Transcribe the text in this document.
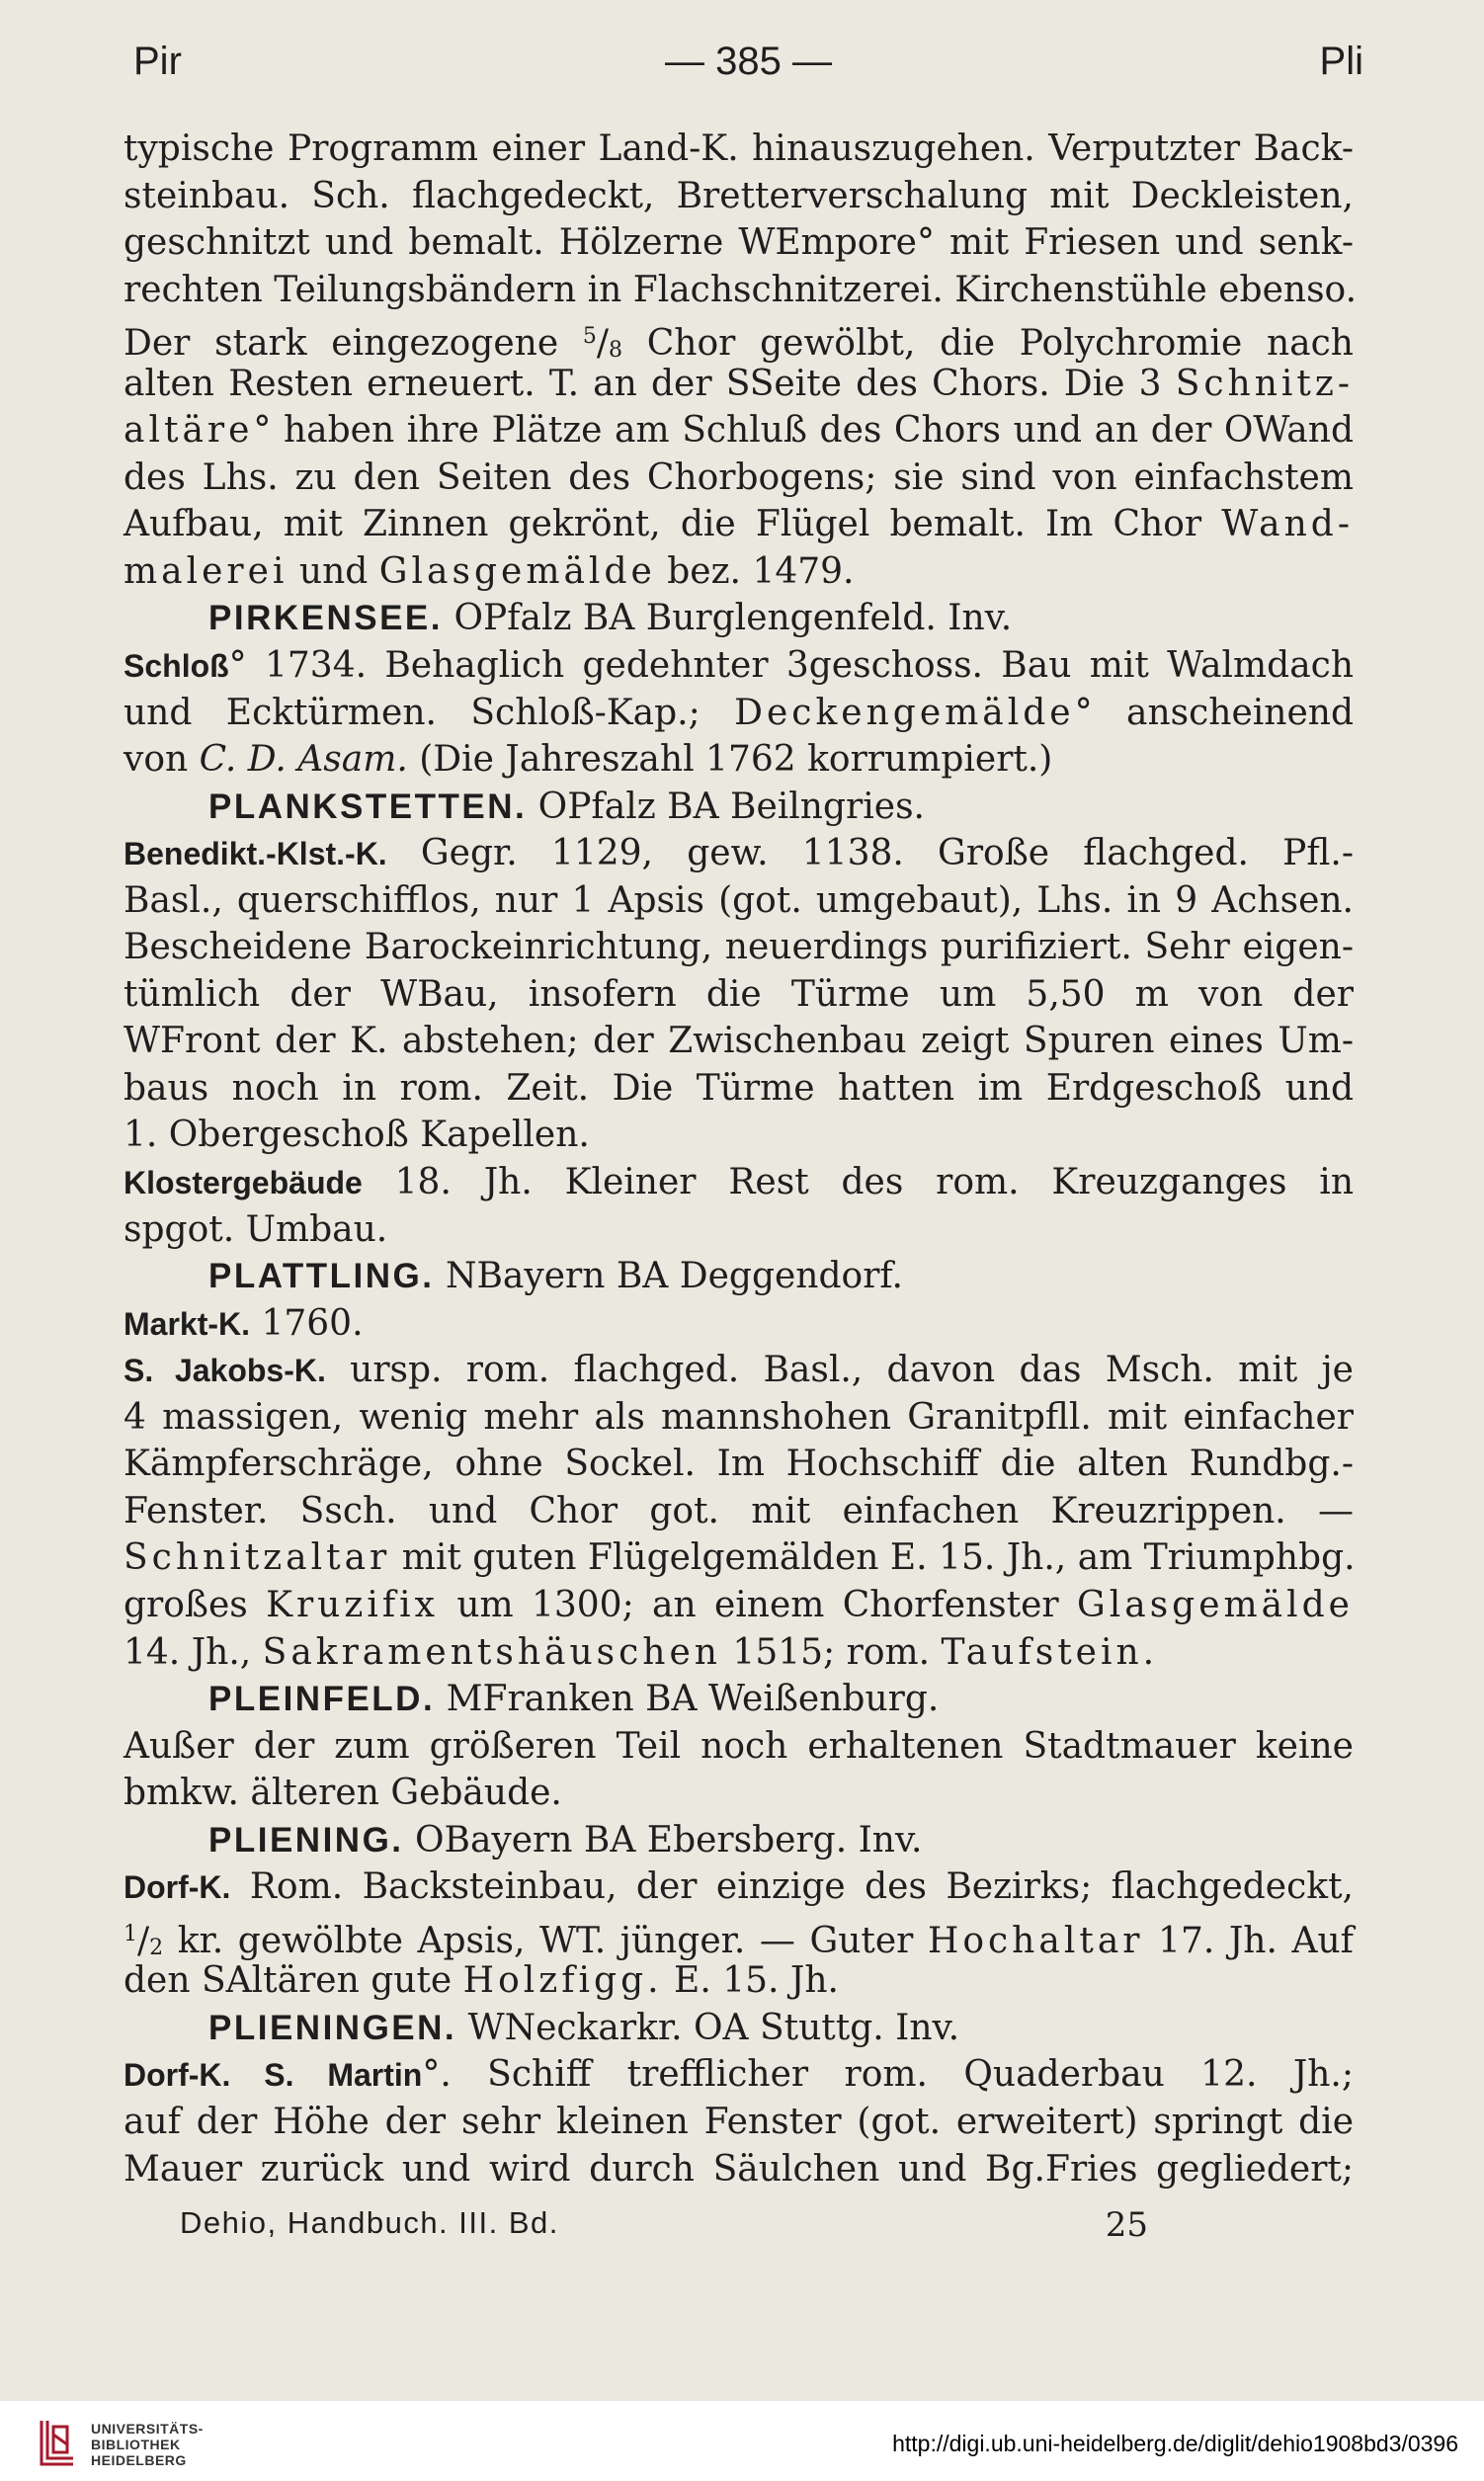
Pir	— 385 —	Pli
typische Programm einer Land-K. hinauszugehen. Verputzter Back-
steinbau. Sch. flachgedeckt, Bretterverschalung mit Deckleisten,
geschnitzt und bemalt. Hölzerne WEmpore° mit Friesen und senk-
rechten Teilungsbändern in Flachschnitzerei. Kirchenstühle ebenso.
Der stark eingezogene $^5$/8 Chor gewölbt, die Polychromie nach
alten Resten erneuert. T. an der SSeite des Chors. Die 3 Schnitz-
altäre° haben ihre Plätze am Schluß des Chors und an der OWand
des Lhs. zu den Seiten des Chorbogens; sie sind von einfachstem
Aufbau, mit Zinnen gekrönt, die Flügel bemalt. Im Chor Wand-
malerei und Glasgemälde bez. 1479.
PIRKENSEE. OPfalz BA Burglengenfeld. Inv.
Schloß° 1734. Behaglich gedehnter 3geschoss. Bau mit Walmdach
und Ecktürmen. Schloß-Kap.; Deckengemälde° anscheinend
von C. D. Asam. (Die Jahreszahl 1762 korrumpiert.)
PLANKSTETTEN. OPfalz BA Beilngries.
Benedikt.-Klst.-K. Gegr. 1129, gew. 1138. Große flachged. Pfl.-
Basl., querschifflos, nur 1 Apsis (got. umgebaut), Lhs. in 9 Achsen.
Bescheidene Barockeinrichtung, neuerdings purifiziert. Sehr eigen-
tümlich der WBau, insofern die Türme um 5,50 m von der
WFront der K. abstehen; der Zwischenbau zeigt Spuren eines Um-
baus noch in rom. Zeit. Die Türme hatten im Erdgeschoß und
1. Obergeschoß Kapellen.
Klostergebäude 18. Jh. Kleiner Rest des rom. Kreuzganges in
spgot. Umbau.
PLATTLING. NBayern BA Deggendorf.
Markt-K. 1760.
S. Jakobs-K. ursp. rom. flachged. Basl., davon das Msch. mit je
4 massigen, wenig mehr als mannshohen Granitpfll. mit einfacher
Kämpferschräge, ohne Sockel. Im Hochschiff die alten Rundbg.-
Fenster. Ssch. und Chor got. mit einfachen Kreuzrippen. —
Schnitzaltar mit guten Flügelgemälden E. 15. Jh., am Triumphbg.
großes Kruzifix um 1300; an einem Chorfenster Glasgemälde
14. Jh., Sakramentshäuschen 1515; rom. Taufstein.
PLEINFELD. MFranken BA Weißenburg.
Außer der zum größeren Teil noch erhaltenen Stadtmauer keine
bmkw. älteren Gebäude.
PLIENING. OBayern BA Ebersberg. Inv.
Dorf-K. Rom. Backsteinbau, der einzige des Bezirks; flachgedeckt,
$^1$/2 kr. gewölbte Apsis, WT. jünger. — Guter Hochaltar 17. Jh. Auf
den SAltären gute Holzfigg. E. 15. Jh.
PLIENINGEN. WNeckarkr. OA Stuttg. Inv.
Dorf-K. S. Martin°. Schiff trefflicher rom. Quaderbau 12. Jh.;
auf der Höhe der sehr kleinen Fenster (got. erweitert) springt die
Mauer zurück und wird durch Säulchen und Bg.Fries gegliedert;
Dehio, Handbuch. III. Bd.	25
UNIVERSITÄTS-
BIBLIOTHEK
HEIDELBERG
http://digi.ub.uni-heidelberg.de/diglit/dehio1908bd3/0396
